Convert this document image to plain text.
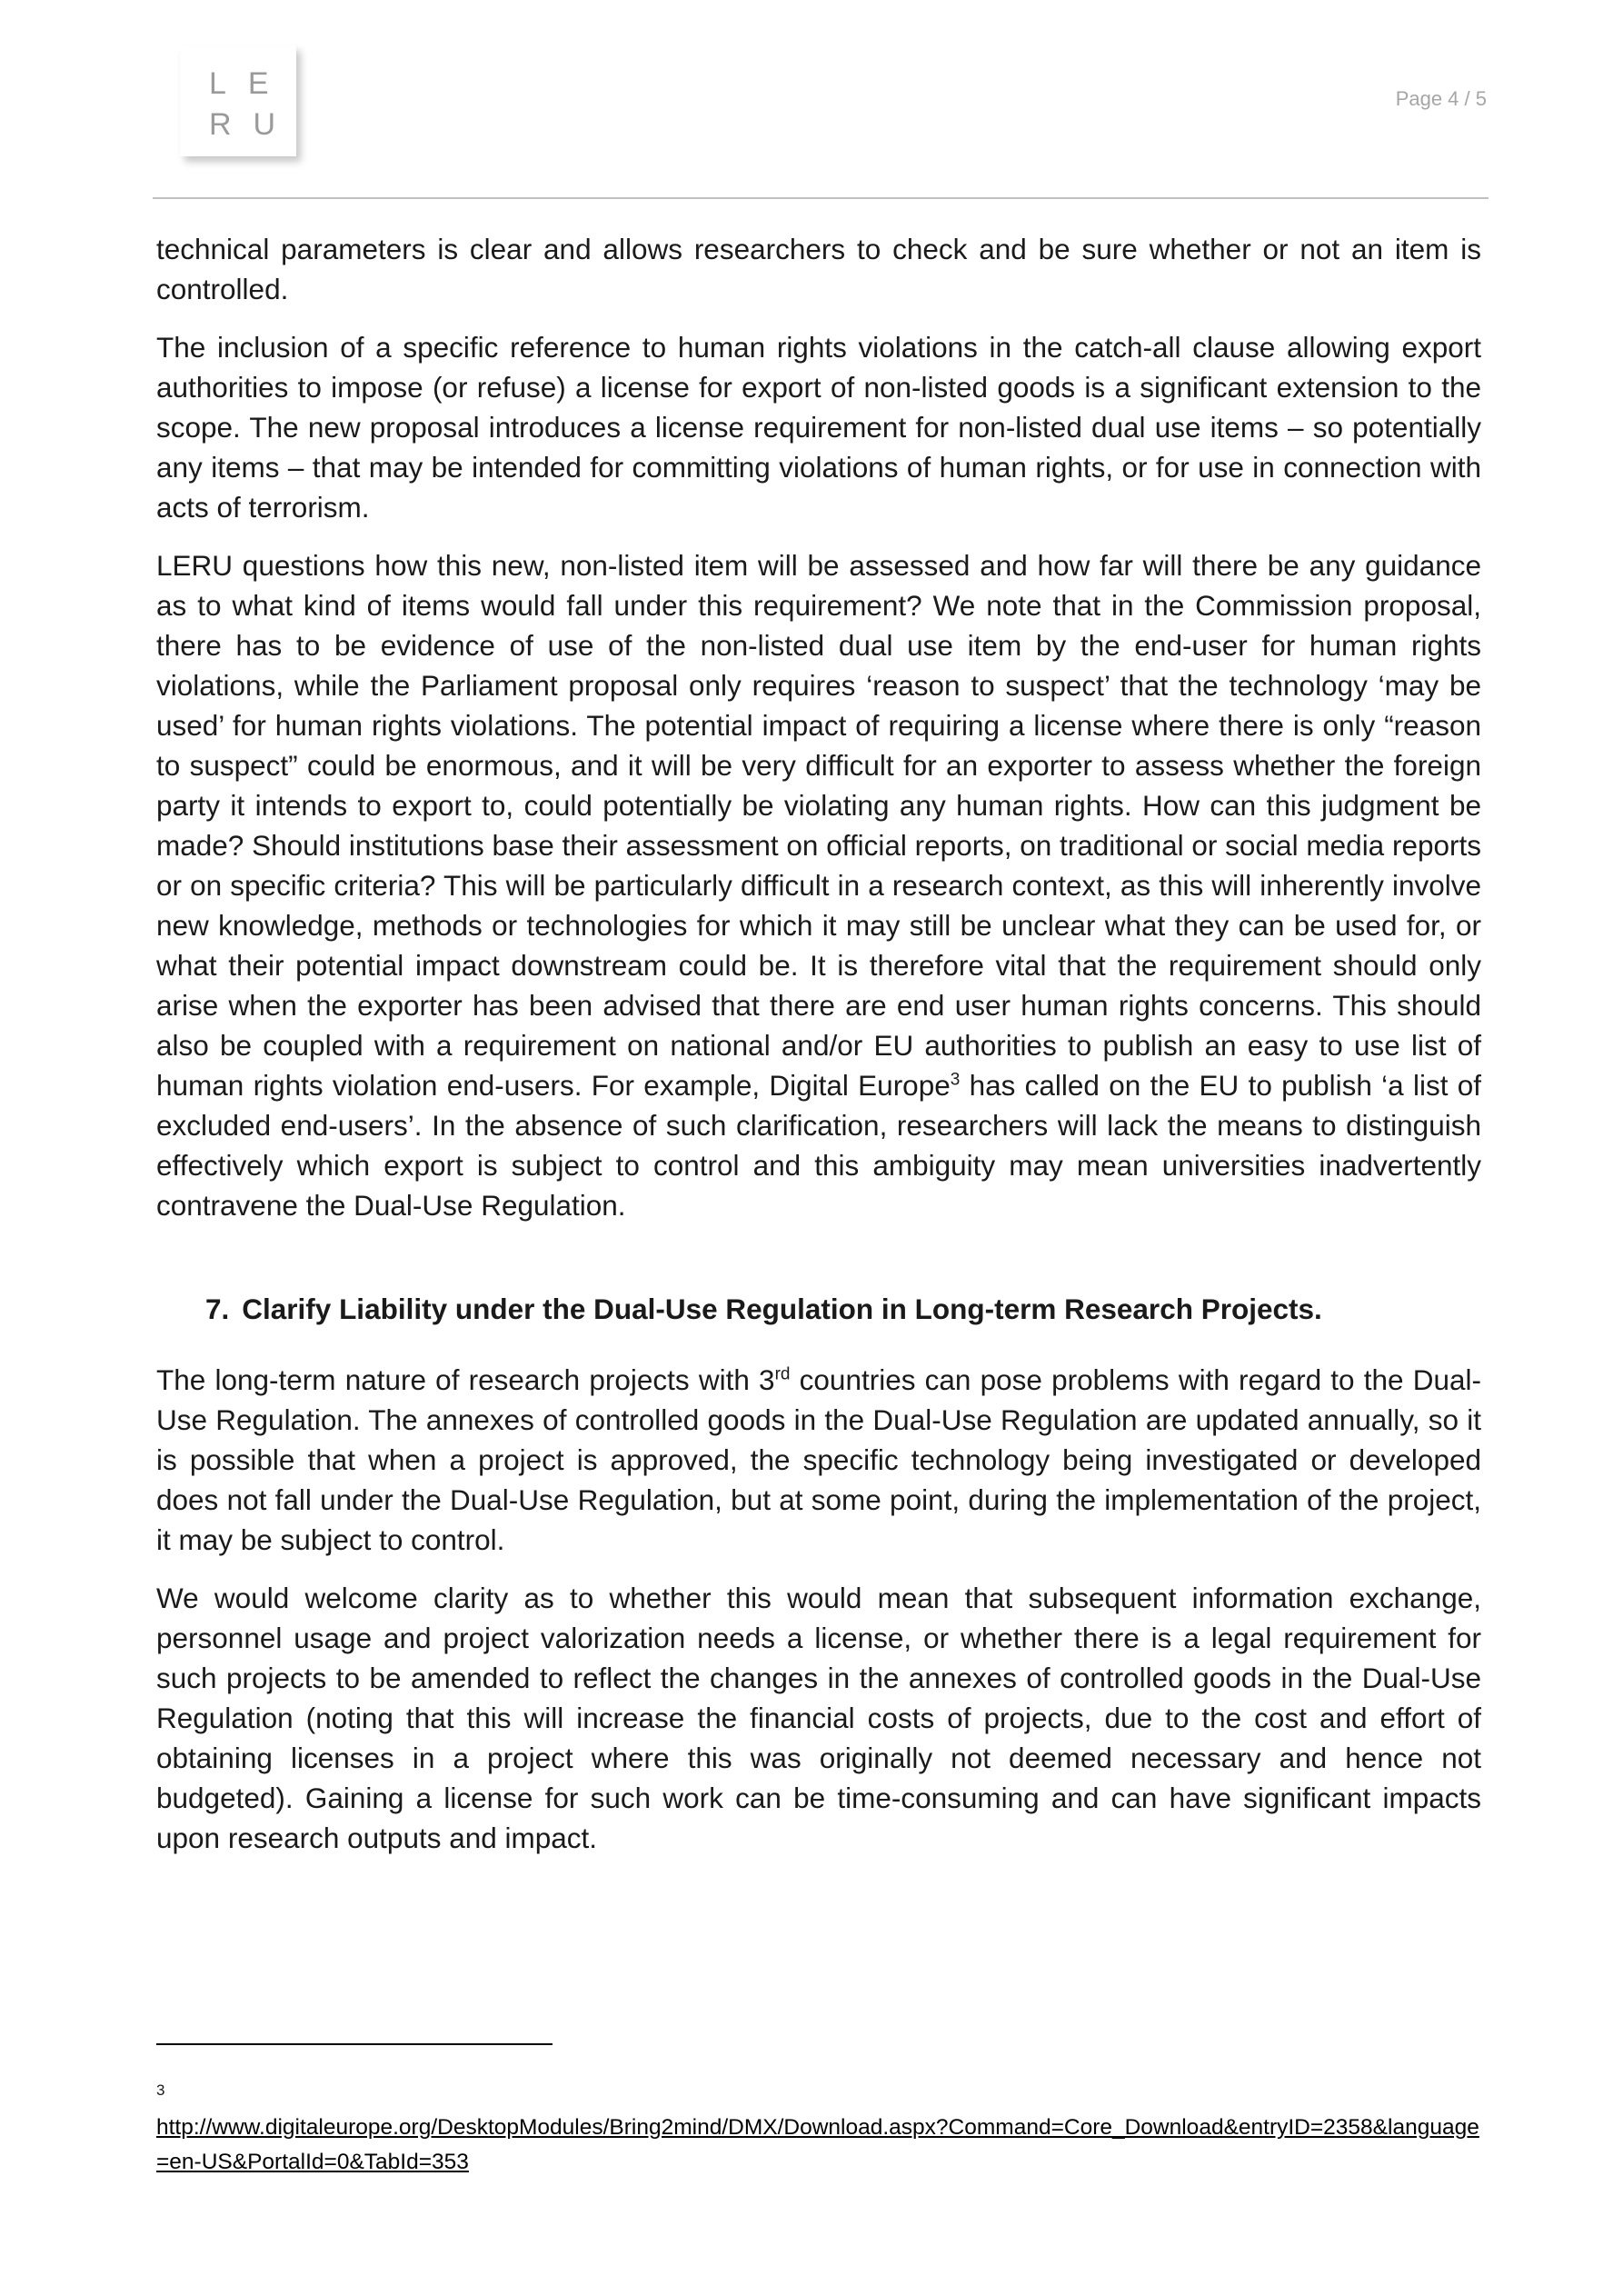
LE
RU
Page 4 / 5

technical parameters is clear and allows researchers to check and be sure whether or not an item is controlled.

The inclusion of a specific reference to human rights violations in the catch-all clause allowing export authorities to impose (or refuse) a license for export of non-listed goods is a significant extension to the scope. The new proposal introduces a license requirement for non-listed dual use items – so potentially any items – that may be intended for committing violations of human rights, or for use in connection with acts of terrorism.

LERU questions how this new, non-listed item will be assessed and how far will there be any guidance as to what kind of items would fall under this requirement? We note that in the Commission proposal, there has to be evidence of use of the non-listed dual use item by the end-user for human rights violations, while the Parliament proposal only requires ‘reason to suspect’ that the technology ‘may be used’ for human rights violations. The potential impact of requiring a license where there is only “reason to suspect” could be enormous, and it will be very difficult for an exporter to assess whether the foreign party it intends to export to, could potentially be violating any human rights. How can this judgment be made? Should institutions base their assessment on official reports, on traditional or social media reports or on specific criteria? This will be particularly difficult in a research context, as this will inherently involve new knowledge, methods or technologies for which it may still be unclear what they can be used for, or what their potential impact downstream could be. It is therefore vital that the requirement should only arise when the exporter has been advised that there are end user human rights concerns. This should also be coupled with a requirement on national and/or EU authorities to publish an easy to use list of human rights violation end-users. For example, Digital Europe$^3$ has called on the EU to publish ‘a list of excluded end-users’. In the absence of such clarification, researchers will lack the means to distinguish effectively which export is subject to control and this ambiguity may mean universities inadvertently contravene the Dual-Use Regulation.

7. Clarify Liability under the Dual-Use Regulation in Long-term Research Projects.

The long-term nature of research projects with 3rd countries can pose problems with regard to the Dual-Use Regulation. The annexes of controlled goods in the Dual-Use Regulation are updated annually, so it is possible that when a project is approved, the specific technology being investigated or developed does not fall under the Dual-Use Regulation, but at some point, during the implementation of the project, it may be subject to control.

We would welcome clarity as to whether this would mean that subsequent information exchange, personnel usage and project valorization needs a license, or whether there is a legal requirement for such projects to be amended to reflect the changes in the annexes of controlled goods in the Dual-Use Regulation (noting that this will increase the financial costs of projects, due to the cost and effort of obtaining licenses in a project where this was originally not deemed necessary and hence not budgeted). Gaining a license for such work can be time-consuming and can have significant impacts upon research outputs and impact.

3
http://www.digitaleurope.org/DesktopModules/Bring2mind/DMX/Download.aspx?Command=Core_Download&entryID=2358&language=en-US&PortalId=0&TabId=353
